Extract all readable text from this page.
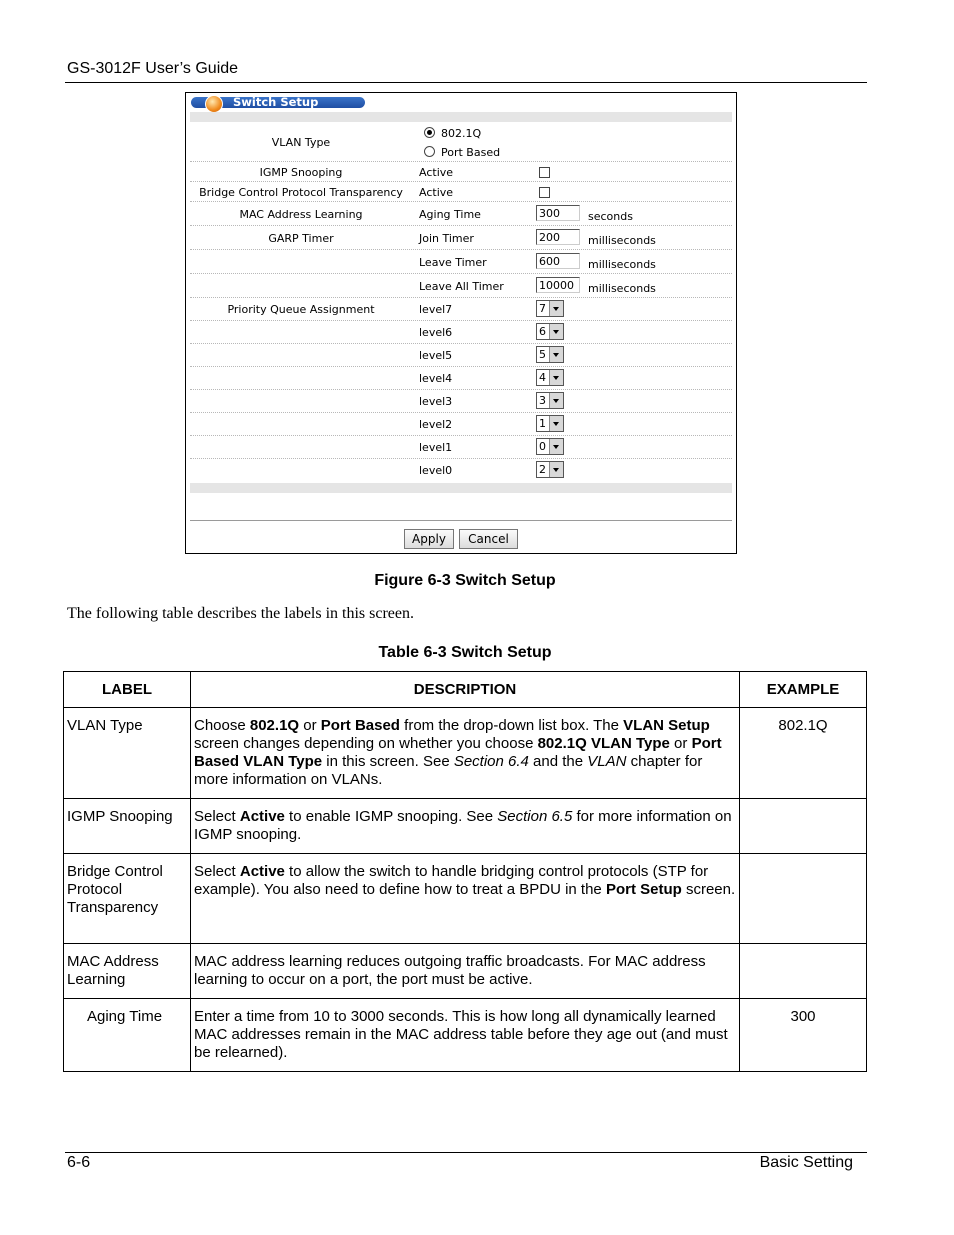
GS-3012F User’s Guide
Switch Setup
VLAN Type
802.1Q
Port Based
IGMP Snooping	Active
Bridge Control Protocol Transparency	Active
MAC Address Learning	Aging Time	300	seconds
GARP Timer	Join Timer	200	milliseconds
Leave Timer	600	milliseconds
Leave All Timer	10000	milliseconds
Priority Queue Assignment	level7	7
level6	6
level5	5
level4	4
level3	3
level2	1
level1	0
level0	2
Apply	Cancel
Figure 6-3 Switch Setup
The following table describes the labels in this screen.
Table 6-3 Switch Setup
LABEL	DESCRIPTION	EXAMPLE
VLAN Type	Choose 802.1Q or Port Based from the drop-down list box. The VLAN Setup screen changes depending on whether you choose 802.1Q VLAN Type or Port Based VLAN Type in this screen. See Section 6.4 and the VLAN chapter for more information on VLANs.	802.1Q
IGMP Snooping	Select Active to enable IGMP snooping. See Section 6.5 for more information on IGMP snooping.	
Bridge Control Protocol Transparency	Select Active to allow the switch to handle bridging control protocols (STP for example). You also need to define how to treat a BPDU in the Port Setup screen.	
MAC Address Learning	MAC address learning reduces outgoing traffic broadcasts. For MAC address learning to occur on a port, the port must be active.	
Aging Time	Enter a time from 10 to 3000 seconds. This is how long all dynamically learned MAC addresses remain in the MAC address table before they age out (and must be relearned).	300
6-6	Basic Setting
